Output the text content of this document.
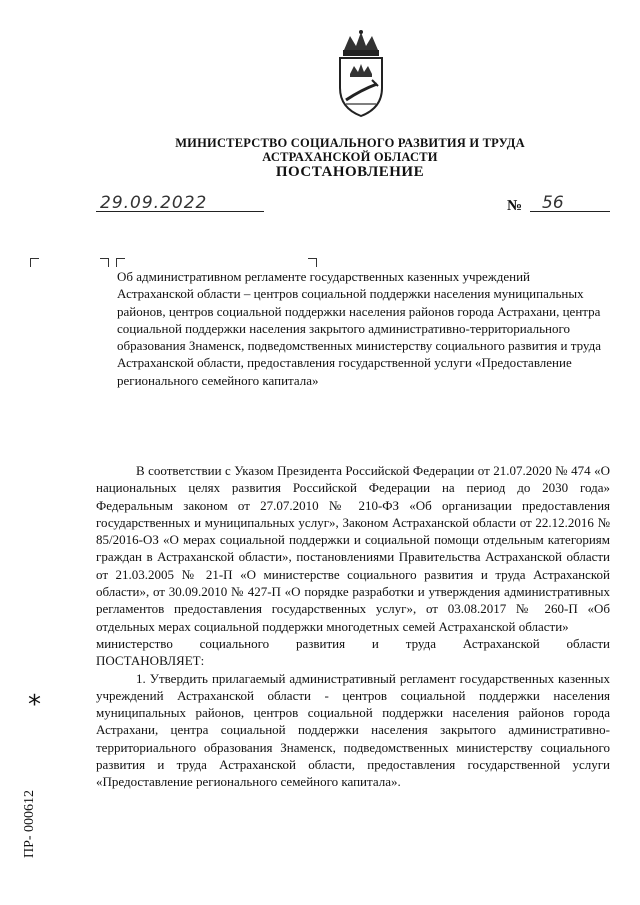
МИНИСТЕРСТВО СОЦИАЛЬНОГО РАЗВИТИЯ И ТРУДА
АСТРАХАНСКОЙ ОБЛАСТИ
ПОСТАНОВЛЕНИЕ
29.09.2022	№ 56
Об административном регламенте государственных казенных учреждений Астраханской области – центров социальной поддержки населения муниципальных районов, центров социальной поддержки населения районов города Астрахани, центра социальной поддержки населения закрытого административно-территориального образования Знаменск, подведомственных министерству социального развития и труда Астраханской области, предоставления государственной услуги «Предоставление регионального семейного капитала»

В соответствии с Указом Президента Российской Федерации от 21.07.2020 № 474 «О национальных целях развития Российской Федерации на период до 2030 года» Федеральным законом от 27.07.2010 № 210-ФЗ «Об организации предоставления государственных и муниципальных услуг», Законом Астраханской области от 22.12.2016 № 85/2016-ОЗ «О мерах социальной поддержки и социальной помощи отдельным категориям граждан в Астраханской области», постановлениями Правительства Астраханской области от 21.03.2005 № 21-П «О министерстве социального развития и труда Астраханской области», от 30.09.2010 № 427-П «О порядке разработки и утверждения административных регламентов предоставления государственных услуг», от 03.08.2017 № 260-П «Об отдельных мерах социальной поддержки многодетных семей Астраханской области»

министерство социального развития и труда Астраханской области

ПОСТАНОВЛЯЕТ:

1. Утвердить прилагаемый административный регламент государственных казенных учреждений Астраханской области - центров социальной поддержки населения муниципальных районов, центров социальной поддержки населения районов города Астрахани, центра социальной поддержки населения закрытого административно-территориального образования Знаменск, подведомственных министерству социального развития и труда Астраханской области, предоставления государственной услуги «Предоставление регионального семейного капитала».

*
ПР- 000612
